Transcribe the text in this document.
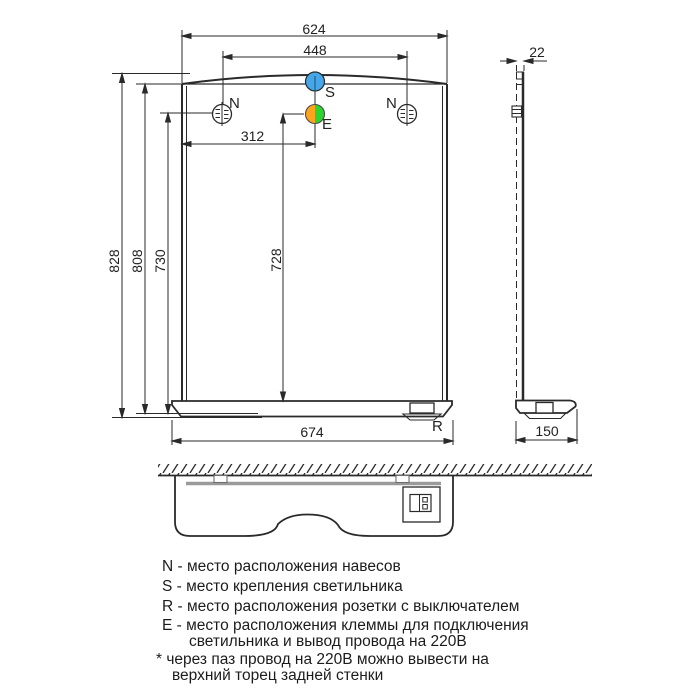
624
448
312
674
828 808 730	728
22
150
N	N
S
E
R
N - место расположения навесов
S - место крепления светильника
R - место расположения розетки с выключателем
E - место расположения клеммы для подключения
светильника и вывод провода на 220В
* через паз провод на 220В можно вывести на
верхний торец задней стенки
